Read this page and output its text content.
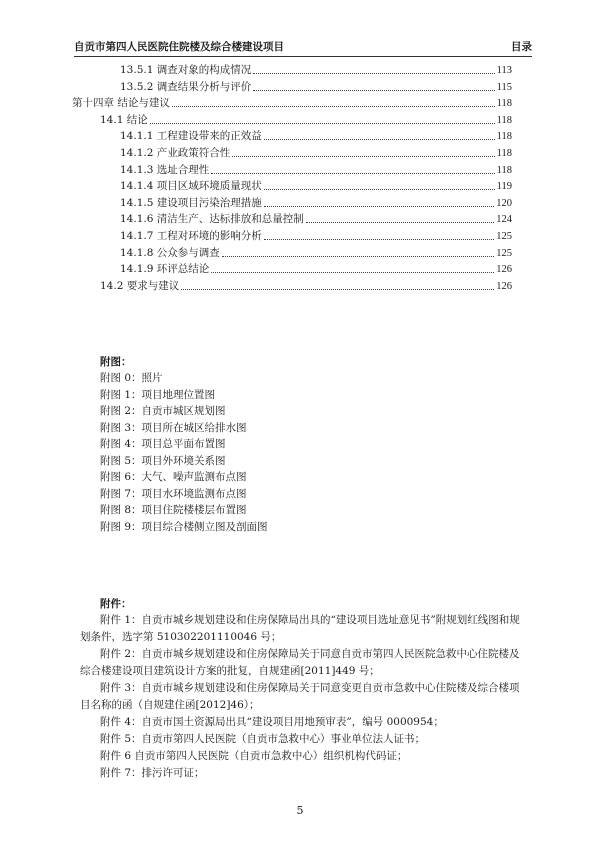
自贡市第四人民医院住院楼及综合楼建设项目	目录
13.5.1 调查对象的构成情况	113
13.5.2 调查结果分析与评价	115
第十四章 结论与建议	118
14.1 结论	118
14.1.1 工程建设带来的正效益	118
14.1.2 产业政策符合性	118
14.1.3 选址合理性	118
14.1.4 项目区域环境质量现状	119
14.1.5 建设项目污染治理措施	120
14.1.6 清洁生产、达标排放和总量控制	124
14.1.7 工程对环境的影响分析	125
14.1.8 公众参与调查	125
14.1.9 环评总结论	126
14.2 要求与建议	126
附图：
附图 0：照片
附图 1：项目地理位置图
附图 2：自贡市城区规划图
附图 3：项目所在城区给排水图
附图 4：项目总平面布置图
附图 5：项目外环境关系图
附图 6：大气、噪声监测布点图
附图 7：项目水环境监测布点图
附图 8：项目住院楼楼层布置图
附图 9：项目综合楼侧立图及剖面图
附件：
附件 1：自贡市城乡规划建设和住房保障局出具的“建设项目选址意见书”附规划红线图和规划条件，选字第 510302201110046 号；
附件 2：自贡市城乡规划建设和住房保障局关于同意自贡市第四人民医院急救中心住院楼及综合楼建设项目建筑设计方案的批复，自规建函[2011]449 号；
附件 3：自贡市城乡规划建设和住房保障局关于同意变更自贡市急救中心住院楼及综合楼项目名称的函（自规建住函[2012]46）；
附件 4：自贡市国土资源局出具“建设项目用地预审表”，编号 0000954；
附件 5：自贡市第四人民医院（自贡市急救中心）事业单位法人证书；
附件 6 自贡市第四人民医院（自贡市急救中心）组织机构代码证；
附件 7：排污许可证；
5
